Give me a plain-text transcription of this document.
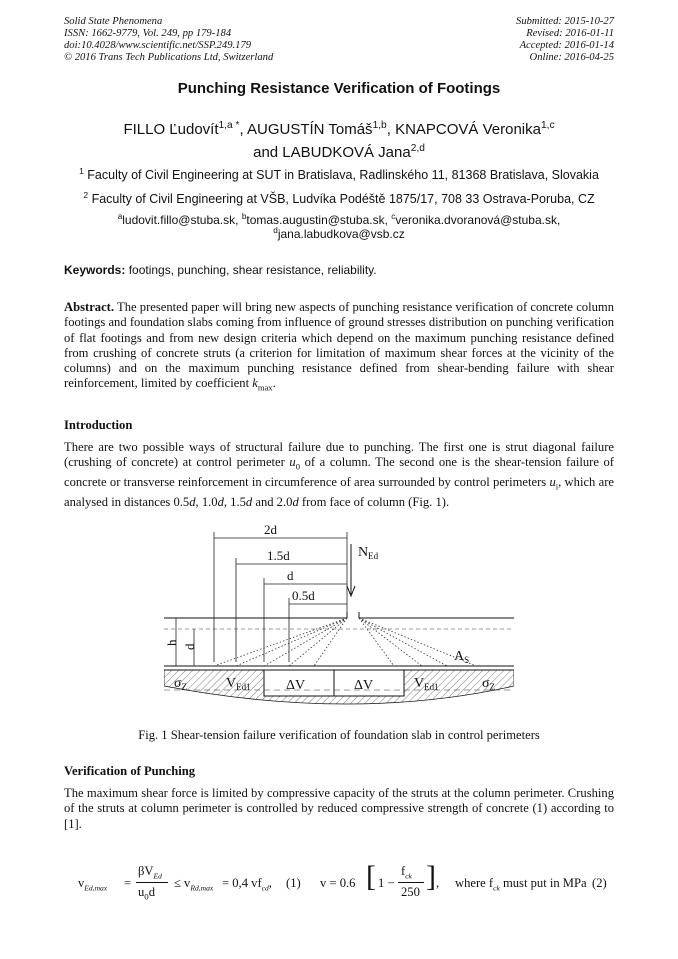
Solid State Phenomena
ISSN: 1662-9779, Vol. 249, pp 179-184
doi:10.4028/www.scientific.net/SSP.249.179
© 2016 Trans Tech Publications Ltd, Switzerland
Submitted: 2015-10-27
Revised: 2016-01-11
Accepted: 2016-01-14
Online: 2016-04-25
Punching Resistance Verification of Footings
FILLO Ľudovít$^{1,a *}$, AUGUSTÍN Tomáš$^{1,b}$, KNAPCOVÁ Veronika$^{1,c}$
and LABUDKOVÁ Jana$^{2,d}$
$^1$ Faculty of Civil Engineering at SUT in Bratislava, Radlinského 11, 81368 Bratislava, Slovakia
$^2$ Faculty of Civil Engineering at VŠB, Ludvíka Podéště 1875/17, 708 33 Ostrava-Poruba, CZ
$^a$ludovit.fillo@stuba.sk, $^b$tomas.augustin@stuba.sk, $^c$veronika.dvoranová@stuba.sk,
$^d$jana.labudkova@vsb.cz
Keywords: footings, punching, shear resistance, reliability.
Abstract. The presented paper will bring new aspects of punching resistance verification of concrete column footings and foundation slabs coming from influence of ground stresses distribution on punching verification of flat footings and from new design criteria which depend on the maximum punching resistance defined from crushing of concrete struts (a criterion for limitation of maximum shear forces at the vicinity of the columns) and on the maximum punching resistance defined from shear-bending failure with shear reinforcement, limited by coefficient $k_{max}$.
Introduction
There are two possible ways of structural failure due to punching. The first one is strut diagonal failure (crushing of concrete) at control perimeter $u_0$ of a column. The second one is the shear-tension failure of concrete or transverse reinforcement in circumference of area surrounded by control perimeters $u_i$, which are analysed in distances 0.5d, 1.0d, 1.5d and 2.0d from face of column (Fig. 1).
2d
1.5d
d
0.5d
$N_{Ed}$
h
d
$A_S$
$\sigma_Z$	$V_{Ed1}$	ΔV	ΔV	$V_{Ed1}$	$\sigma_Z$
Fig. 1 Shear-tension failure verification of foundation slab in control perimeters
Verification of Punching
The maximum shear force is limited by compressive capacity of the struts at the column perimeter. Crushing of the struts at column perimeter is controlled by reduced compressive strength of concrete (1) according to [1].
$v_{Ed,max}$ =
$\beta V_{Ed}$
$u_0d$
≤ $v_{Rd,max} = 0,4$ $vf_{cd}$, (1) v = 0.6 [ 1 −
$f_{ck}$
250 ] , where $f_{ck}$ must put in MPa (2)
